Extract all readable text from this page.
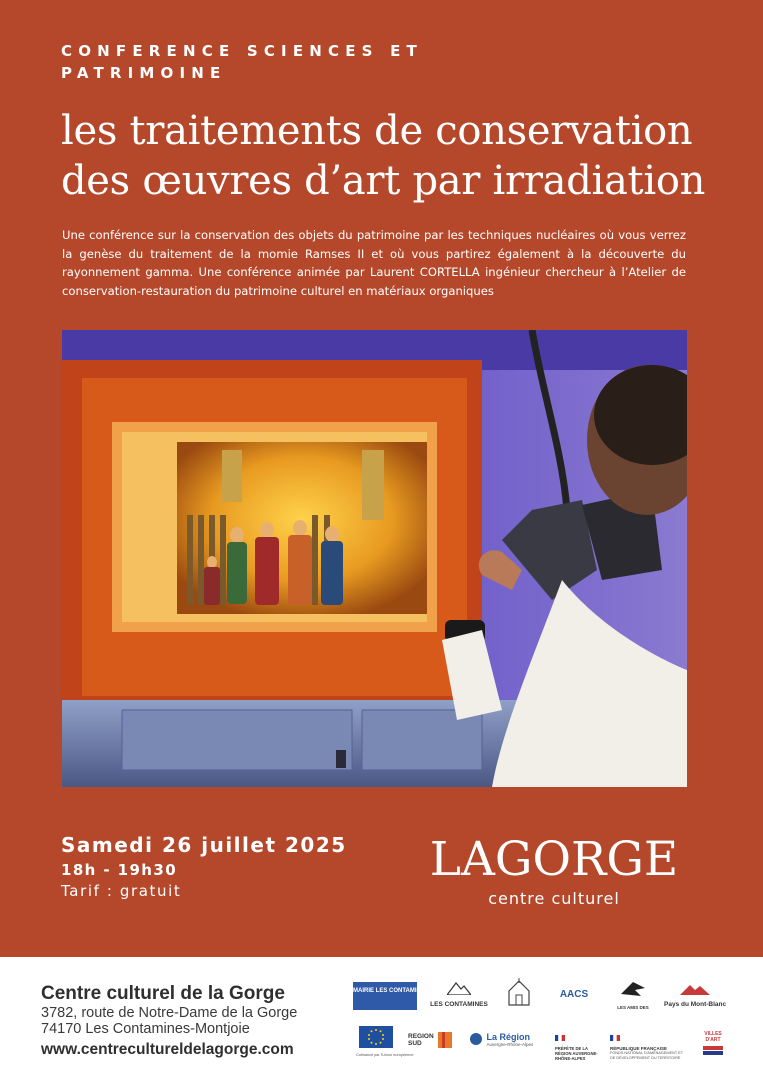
CONFERENCE SCIENCES ET PATRIMOINE
les traitements de conservation
des œuvres d’art par irradiation
Une conférence sur la conservation des objets du patrimoine par les techniques nucléaires où vous verrez la genèse du traitement de la momie Ramses II et où vous partirez également à la découverte du rayonnement gamma. Une conférence animée par Laurent CORTELLA ingénieur chercheur à l’Atelier de conservation-restauration du patrimoine culturel en matériaux organiques
Samedi 26 juillet 2025
18h - 19h30
Tarif : gratuit
LAGORGE
centre culturel
Centre culturel de la Gorge
3782, route de Notre-Dame de la Gorge
74170 Les Contamines-Montjoie
www.centrecultureldelagorge.com
MAIRIE LES CONTAMINES MONTJOIE
LES CONTAMINES
AACS
LES AMIS DES	Pays du Mont-Blanc
Cofinancé par l'Union européenne
REGION SUD

La Région
Auvergne-Rhône-Alpes
PRÉFÈTE DE LA RÉGION AUVERGNE-RHÔNE-ALPES
RÉPUBLIQUE FRANÇAISE
FONDS NATIONAL D'AMÉNAGEMENT ET DE DÉVELOPPEMENT DU TERRITOIRE
VILLES D'ART
